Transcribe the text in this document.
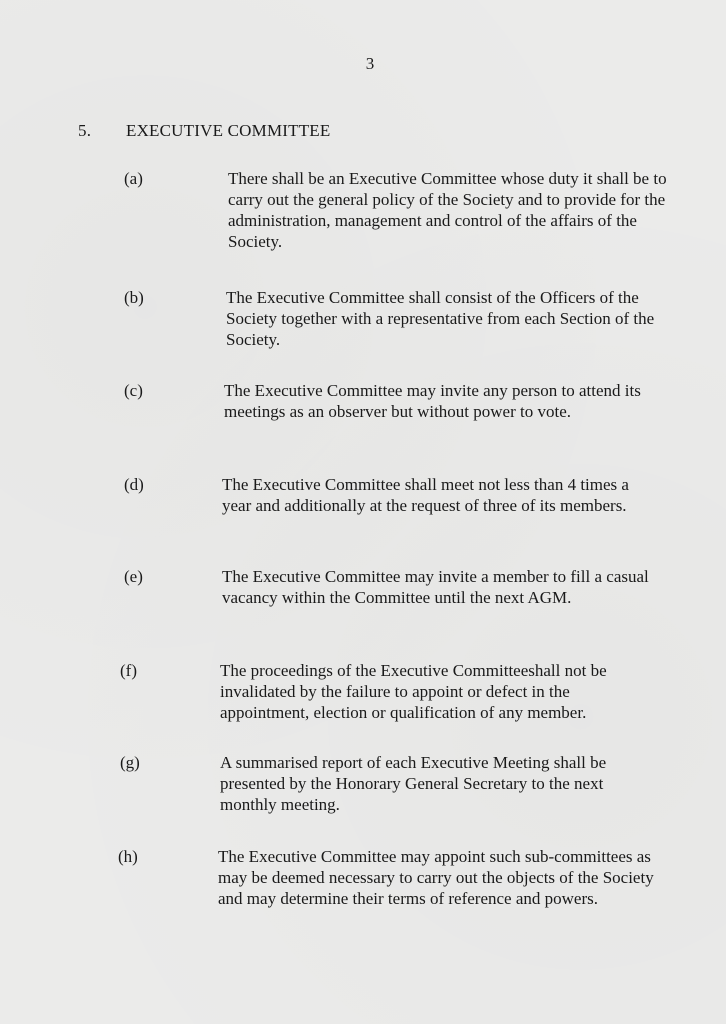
3
5. EXECUTIVE COMMITTEE
(a)	There shall be an Executive Committee whose duty it shall be to carry out the general policy of the Society and to provide for the administration, management and control of the affairs of the Society.
(b)	The Executive Committee shall consist of the Officers of the Society together with a representative from each Section of the Society.
(c)	The Executive Committee may invite any person to attend its meetings as an observer but without power to vote.
(d)	The Executive Committee shall meet not less than 4 times a year and additionally at the request of three of its members.
(e)	The Executive Committee may invite a member to fill a casual vacancy within the Committee until the next AGM.
(f)	The proceedings of the Executive Committeeshall not be invalidated by the failure to appoint or defect in the appointment, election or qualification of any member.
(g)	A summarised report of each Executive Meeting shall be presented by the Honorary General Secretary to the next monthly meeting.
(h)	The Executive Committee may appoint such sub-committees as may be deemed necessary to carry out the objects of the Society and may determine their terms of reference and powers.
